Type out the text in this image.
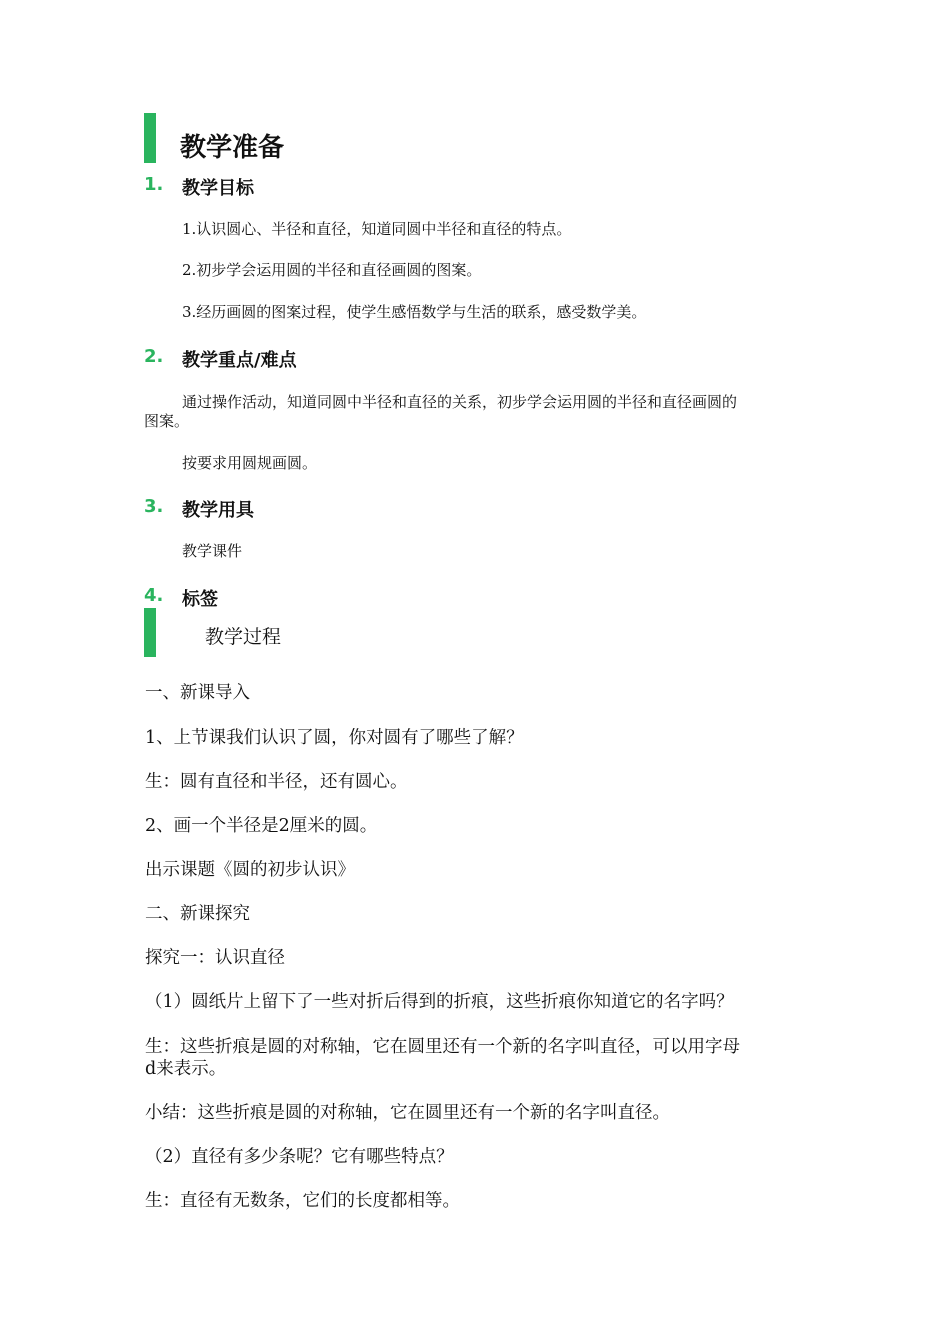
教学准备
1. 教学目标
1.认识圆心、半径和直径，知道同圆中半径和直径的特点。
2.初步学会运用圆的半径和直径画圆的图案。
3.经历画圆的图案过程，使学生感悟数学与生活的联系，感受数学美。
2. 教学重点/难点
通过操作活动，知道同圆中半径和直径的关系，初步学会运用圆的半径和直径画圆的
图案。
按要求用圆规画圆。
3. 教学用具
教学课件
4. 标签
教学过程
一、新课导入
1、上节课我们认识了圆，你对圆有了哪些了解？
生：圆有直径和半径，还有圆心。
2、画一个半径是2厘米的圆。
出示课题《圆的初步认识》
二、新课探究
探究一：认识直径
（1）圆纸片上留下了一些对折后得到的折痕，这些折痕你知道它的名字吗？
生：这些折痕是圆的对称轴，它在圆里还有一个新的名字叫直径，可以用字母
d来表示。
小结：这些折痕是圆的对称轴，它在圆里还有一个新的名字叫直径。
（2）直径有多少条呢？它有哪些特点？
生：直径有无数条，它们的长度都相等。
